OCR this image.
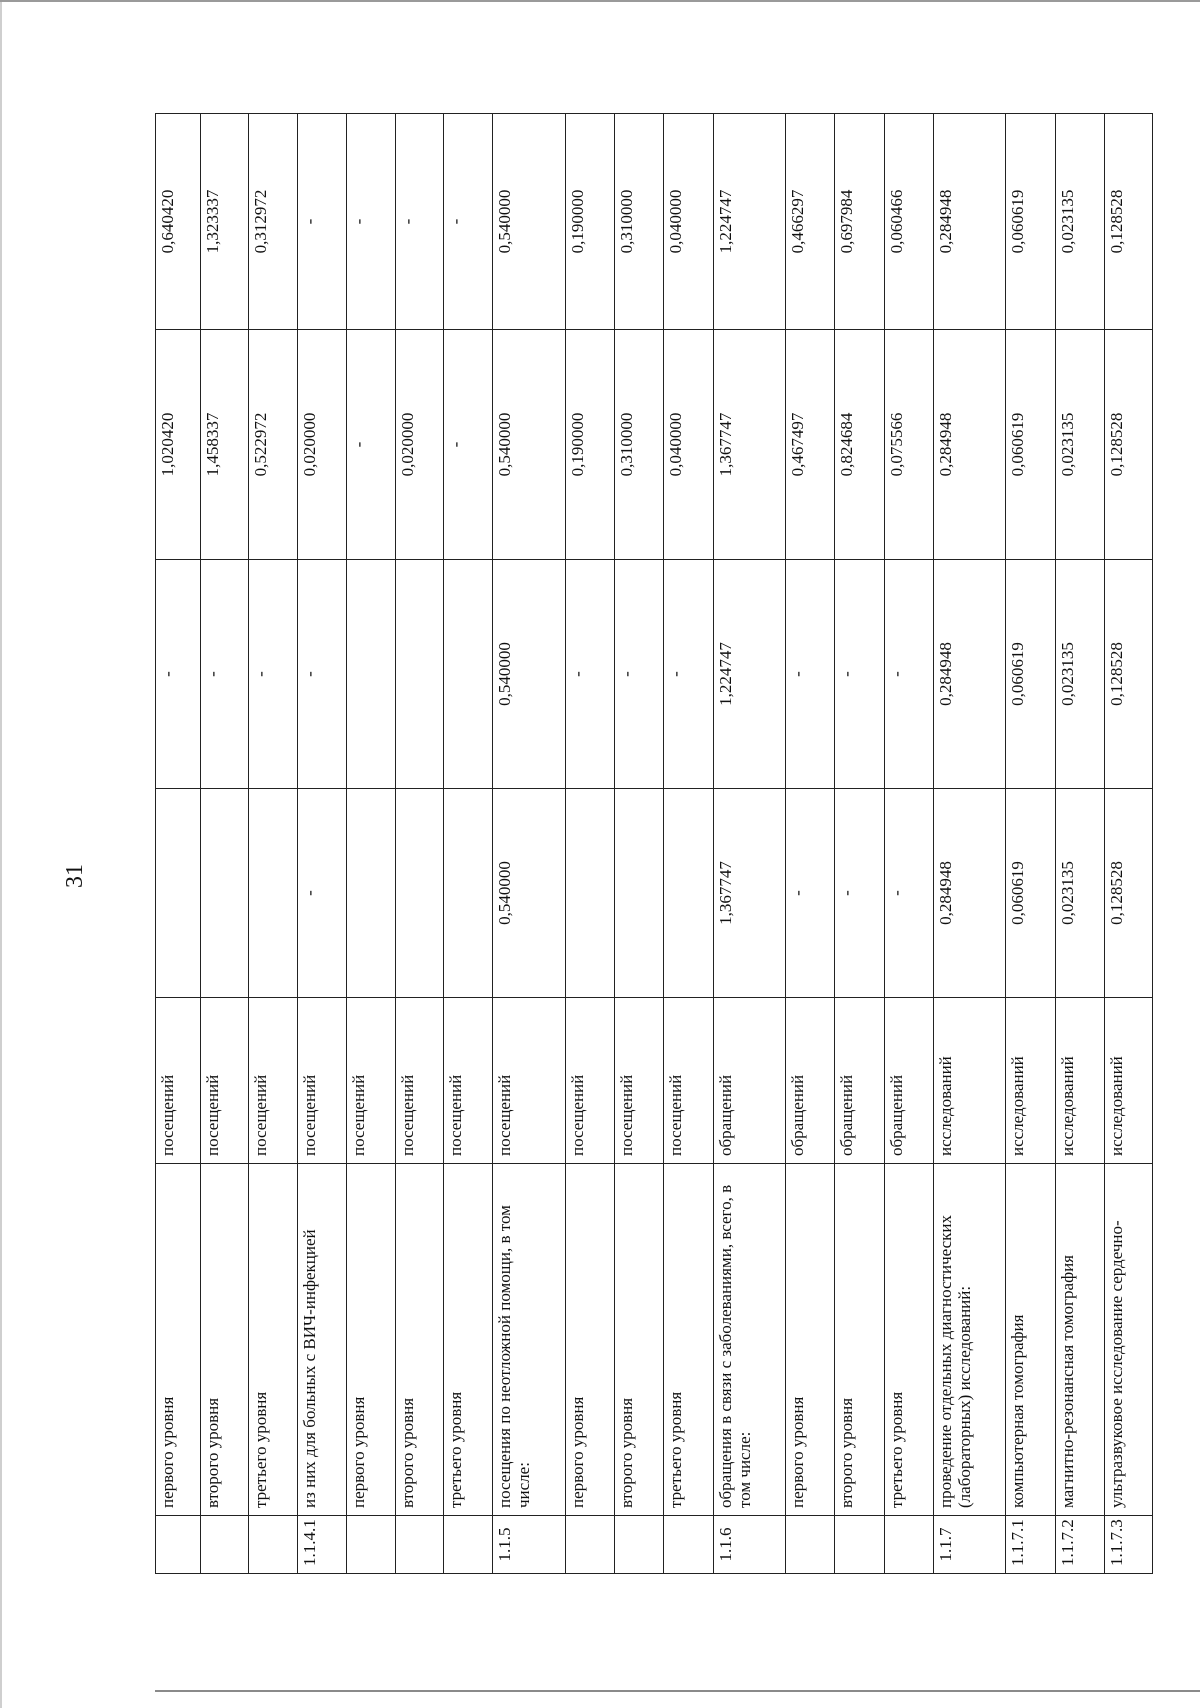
31
	первого уровня	посещений		-	1,020420	0,640420
	второго уровня	посещений		-	1,458337	1,323337
	третьего уровня	посещений		-	0,522972	0,312972
1.1.4.1	из них для больных с ВИЧ-инфекцией	посещений	-	-	0,020000	-
	первого уровня	посещений			-	-
	второго уровня	посещений			0,020000	-
	третьего уровня	посещений			-	-
1.1.5	посещения по неотложной помощи, в том числе:	посещений	0,540000	0,540000	0,540000	0,540000
	первого уровня	посещений		-	0,190000	0,190000
	второго уровня	посещений		-	0,310000	0,310000
	третьего уровня	посещений		-	0,040000	0,040000
1.1.6	обращения в связи с заболеваниями, всего, в том числе:	обращений	1,367747	1,224747	1,367747	1,224747
	первого уровня	обращений	-	-	0,467497	0,466297
	второго уровня	обращений	-	-	0,824684	0,697984
	третьего уровня	обращений	-	-	0,075566	0,060466
1.1.7	проведение отдельных диагностических (лабораторных) исследований:	исследований	0,284948	0,284948	0,284948	0,284948
1.1.7.1	компьютерная томография	исследований	0,060619	0,060619	0,060619	0,060619
1.1.7.2	магнитно-резонансная томография	исследований	0,023135	0,023135	0,023135	0,023135
1.1.7.3	ультразвуковое исследование сердечно-	исследований	0,128528	0,128528	0,128528	0,128528
